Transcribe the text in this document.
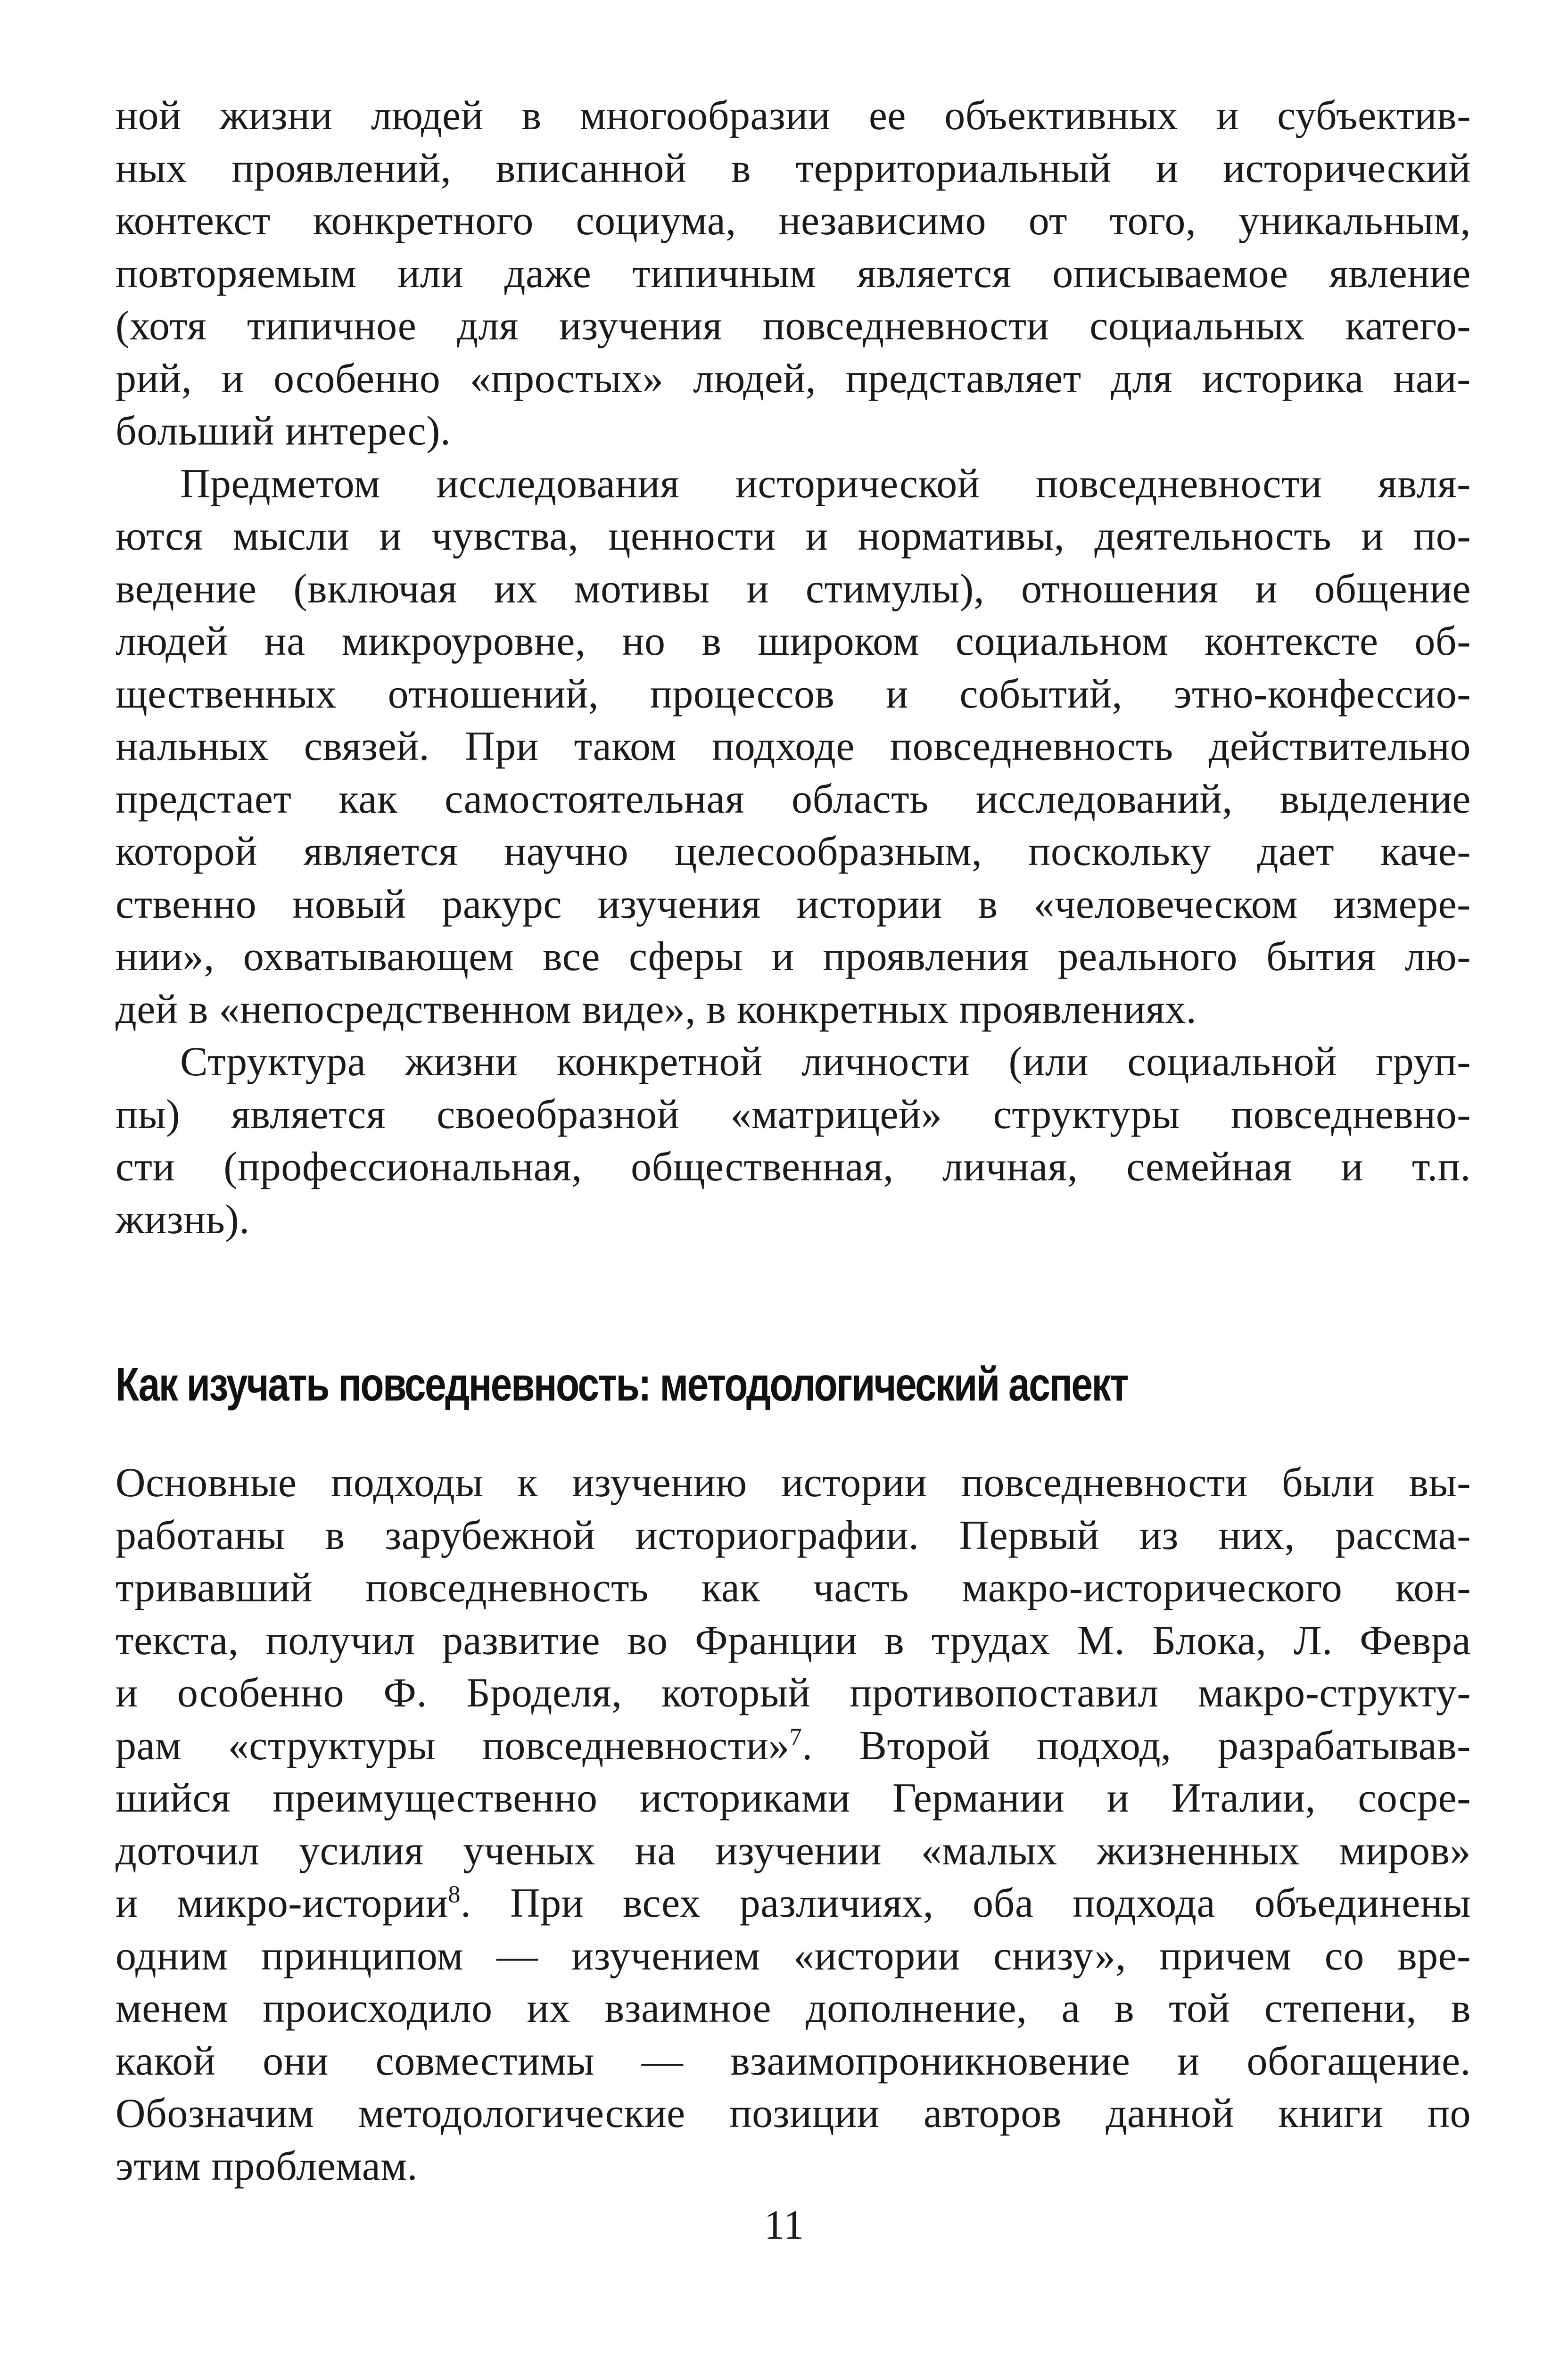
ной жизни людей в многообразии ее объективных и субъектив-
ных проявлений, вписанной в территориальный и исторический
контекст конкретного социума, независимо от того, уникальным,
повторяемым или даже типичным является описываемое явление
(хотя типичное для изучения повседневности социальных катего-
рий, и особенно «простых» людей, представляет для историка наи-
больший интерес).

Предметом исследования исторической повседневности явля-
ются мысли и чувства, ценности и нормативы, деятельность и по-
ведение (включая их мотивы и стимулы), отношения и общение
людей на микроуровне, но в широком социальном контексте об-
щественных отношений, процессов и событий, этно-конфессио-
нальных связей. При таком подходе повседневность действительно
предстает как самостоятельная область исследований, выделение
которой является научно целесообразным, поскольку дает каче-
ственно новый ракурс изучения истории в «человеческом измере-
нии», охватывающем все сферы и проявления реального бытия лю-
дей в «непосредственном виде», в конкретных проявлениях.

Структура жизни конкретной личности (или социальной груп-
пы) является своеобразной «матрицей» структуры повседневно-
сти (профессиональная, общественная, личная, семейная и т.п.
жизнь).

Как изучать повседневность: методологический аспект

Основные подходы к изучению истории повседневности были вы-
работаны в зарубежной историографии. Первый из них, рассма-
тривавший повседневность как часть макро-исторического кон-
текста, получил развитие во Франции в трудах М. Блока, Л. Февра
и особенно Ф. Броделя, который противопоставил макро-структу-
рам «структуры повседневности»$^7$. Второй подход, разрабатывав-
шийся преимущественно историками Германии и Италии, сосре-
доточил усилия ученых на изучении «малых жизненных миров»
и микро-истории$^8$. При всех различиях, оба подхода объединены
одним принципом — изучением «истории снизу», причем со вре-
менем происходило их взаимное дополнение, а в той степени, в
какой они совместимы — взаимопроникновение и обогащение.
Обозначим методологические позиции авторов данной книги по
этим проблемам.

11
